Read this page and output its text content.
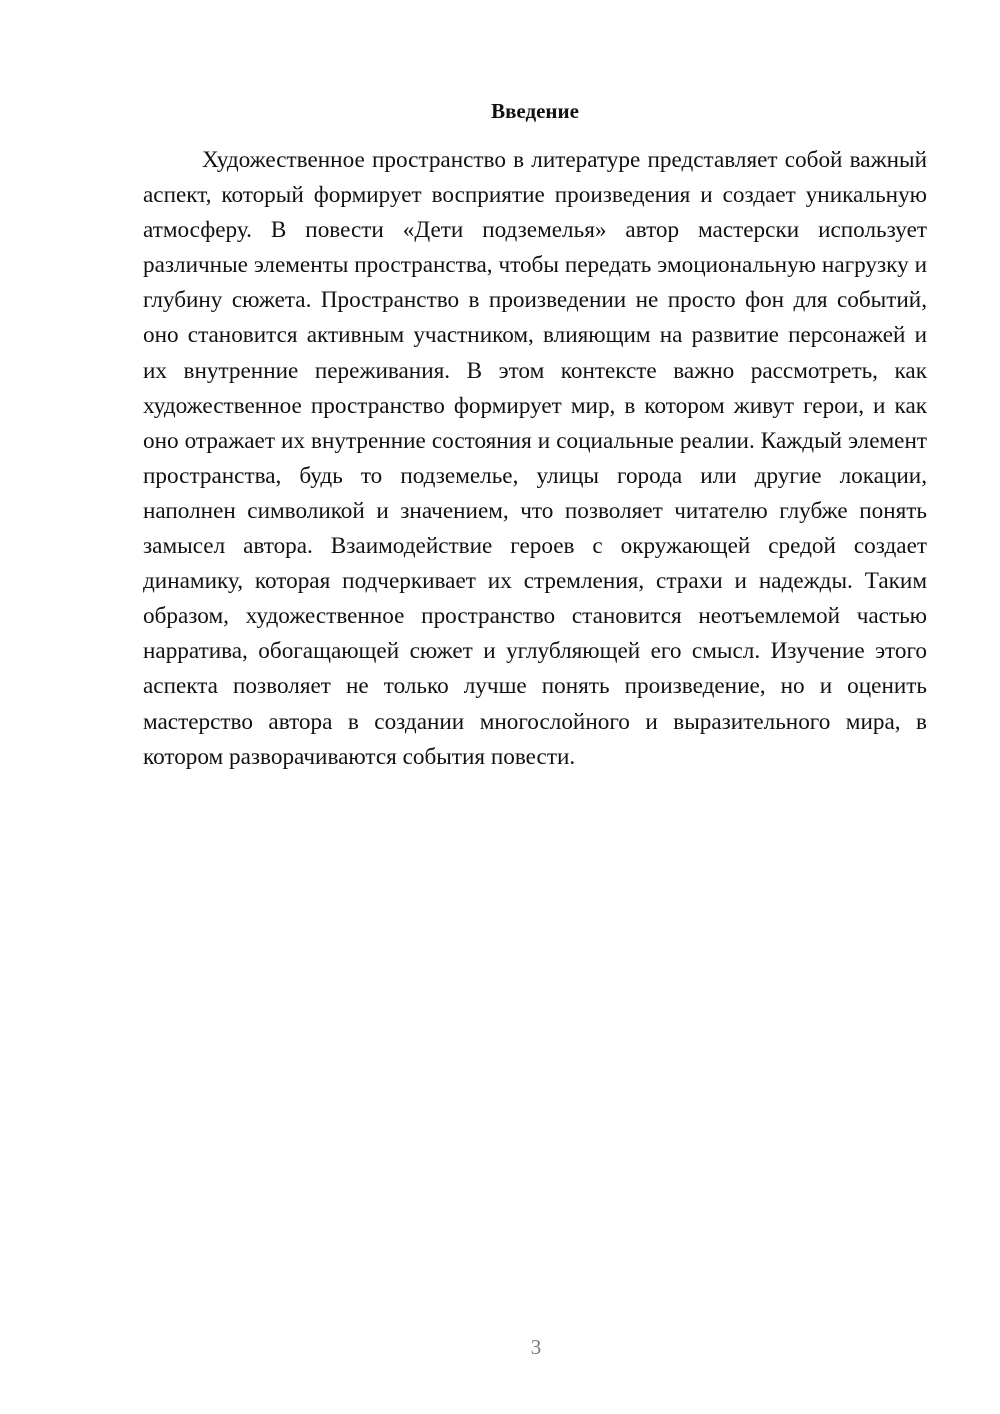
Введение

Художественное пространство в литературе представляет собой важный аспект, который формирует восприятие произведения и создает уникальную атмосферу. В повести «Дети подземелья» автор мастерски использует различные элементы пространства, чтобы передать эмоциональную нагрузку и глубину сюжета. Пространство в произведении не просто фон для событий, оно становится активным участником, влияющим на развитие персонажей и их внутренние переживания. В этом контексте важно рассмотреть, как художественное пространство формирует мир, в котором живут герои, и как оно отражает их внутренние состояния и социальные реалии. Каждый элемент пространства, будь то подземелье, улицы города или другие локации, наполнен символикой и значением, что позволяет читателю глубже понять замысел автора. Взаимодействие героев с окружающей средой создает динамику, которая подчеркивает их стремления, страхи и надежды. Таким образом, художественное пространство становится неотъемлемой частью нарратива, обогащающей сюжет и углубляющей его смысл. Изучение этого аспекта позволяет не только лучше понять произведение, но и оценить мастерство автора в создании многослойного и выразительного мира, в котором разворачиваются события повести.

3
